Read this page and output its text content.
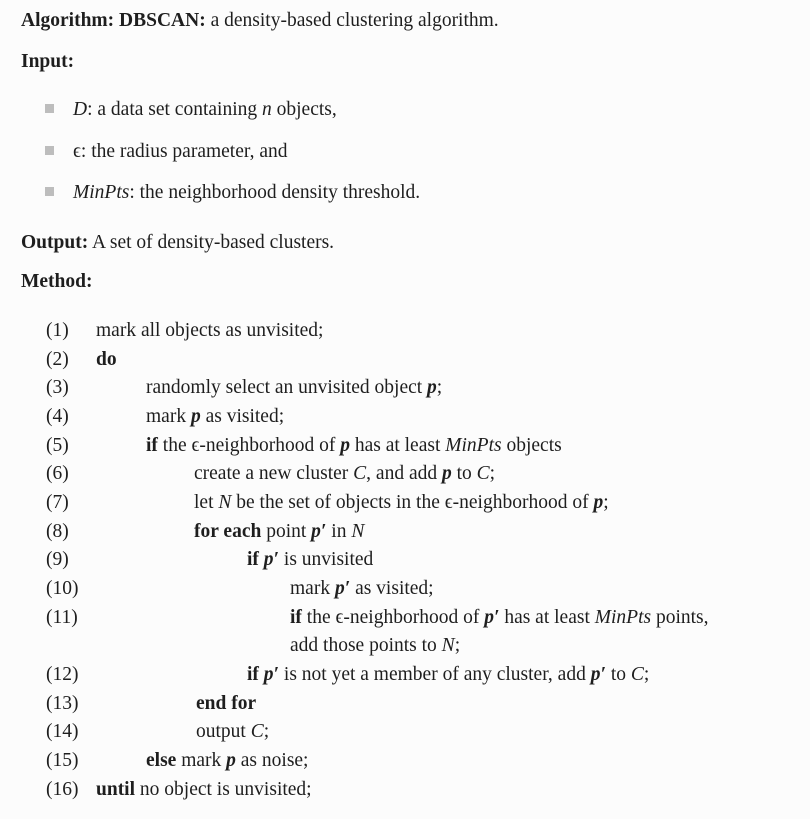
Algorithm: DBSCAN: a density-based clustering algorithm.
Input:
D: a data set containing n objects,
ϵ: the radius parameter, and
MinPts: the neighborhood density threshold.
Output: A set of density-based clusters.
Method:
(1) mark all objects as unvisited;
(2) do
(3)	randomly select an unvisited object p;
(4)	mark p as visited;
(5)	if the ϵ-neighborhood of p has at least MinPts objects
(6)	create a new cluster C, and add p to C;
(7)	let N be the set of objects in the ϵ-neighborhood of p;
(8)	for each point p′ in N
(9)	if p′ is unvisited
(10)	mark p′ as visited;
(11)	if the ϵ-neighborhood of p′ has at least MinPts points,
add those points to N;
(12)	if p′ is not yet a member of any cluster, add p′ to C;
(13)	end for
(14)	output C;
(15)	else mark p as noise;
(16) until no object is unvisited;
